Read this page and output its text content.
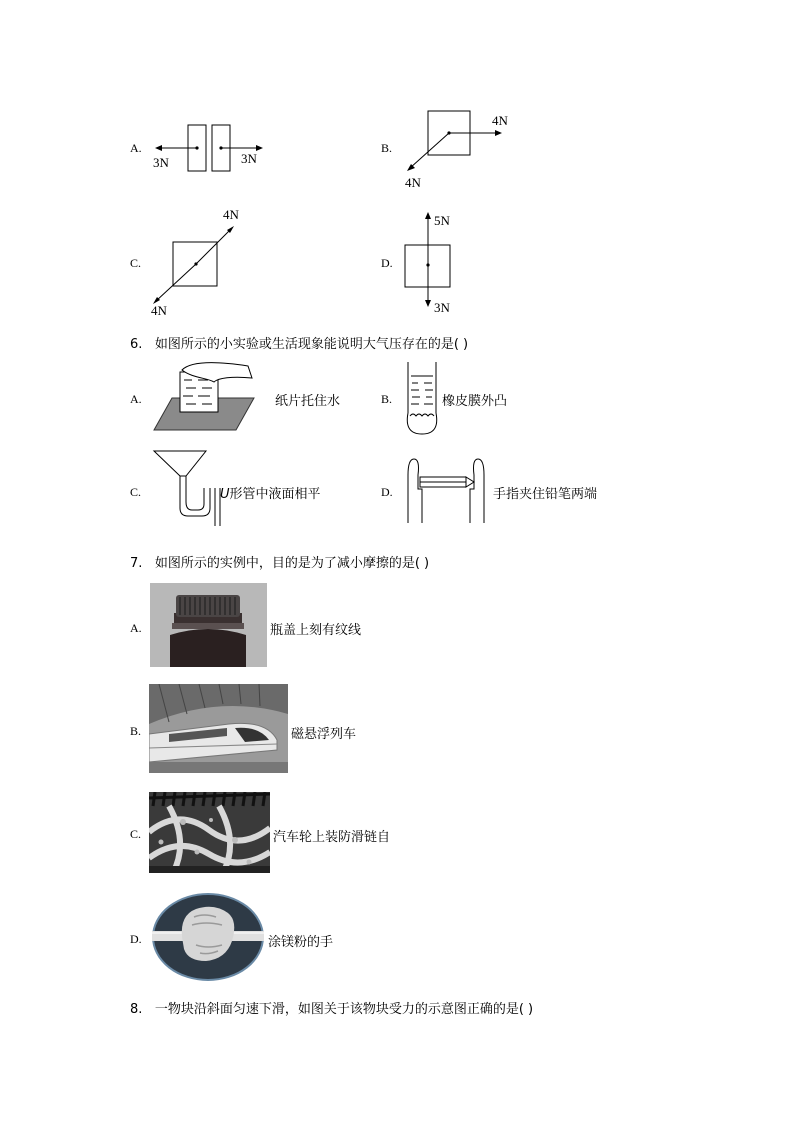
A.
3N	3N
B.
4N
4N
C.
4N
4N
D.
5N
3N
6. 如图所示的小实验或生活现象能说明大气压存在的是( )
A.	纸片托住水	B.	橡皮膜外凸
C.	U形管中液面相平	D.	手指夹住铅笔两端
7. 如图所示的实例中，目的是为了减小摩擦的是( )
A.	瓶盖上刻有纹线
B.	磁悬浮列车
C.	汽车轮上装防滑链自
D.	涂镁粉的手
8. 一物块沿斜面匀速下滑，如图关于该物块受力的示意图正确的是( )
